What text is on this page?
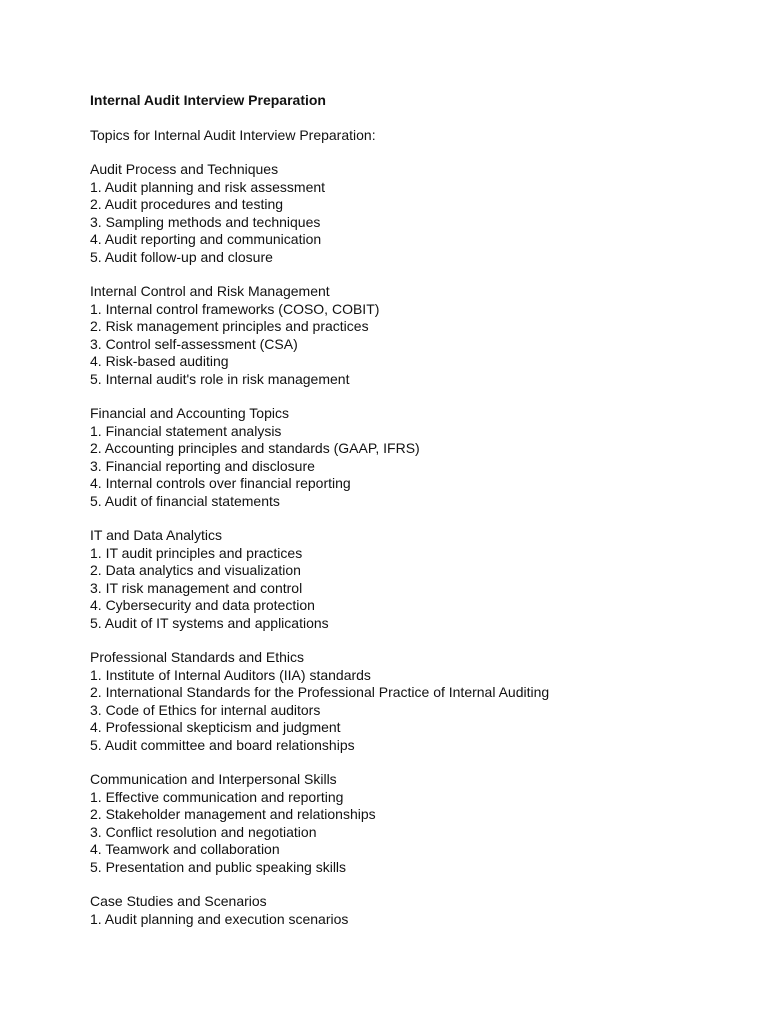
Internal Audit Interview Preparation

Topics for Internal Audit Interview Preparation:

Audit Process and Techniques

1. Audit planning and risk assessment

2. Audit procedures and testing

3. Sampling methods and techniques

4. Audit reporting and communication

5. Audit follow-up and closure

Internal Control and Risk Management

1. Internal control frameworks (COSO, COBIT)

2. Risk management principles and practices

3. Control self-assessment (CSA)

4. Risk-based auditing

5. Internal audit's role in risk management

Financial and Accounting Topics

1. Financial statement analysis

2. Accounting principles and standards (GAAP, IFRS)

3. Financial reporting and disclosure

4. Internal controls over financial reporting

5. Audit of financial statements

IT and Data Analytics

1. IT audit principles and practices

2. Data analytics and visualization

3. IT risk management and control

4. Cybersecurity and data protection

5. Audit of IT systems and applications

Professional Standards and Ethics

1. Institute of Internal Auditors (IIA) standards

2. International Standards for the Professional Practice of Internal Auditing

3. Code of Ethics for internal auditors

4. Professional skepticism and judgment

5. Audit committee and board relationships

Communication and Interpersonal Skills

1. Effective communication and reporting

2. Stakeholder management and relationships

3. Conflict resolution and negotiation

4. Teamwork and collaboration

5. Presentation and public speaking skills

Case Studies and Scenarios

1. Audit planning and execution scenarios
